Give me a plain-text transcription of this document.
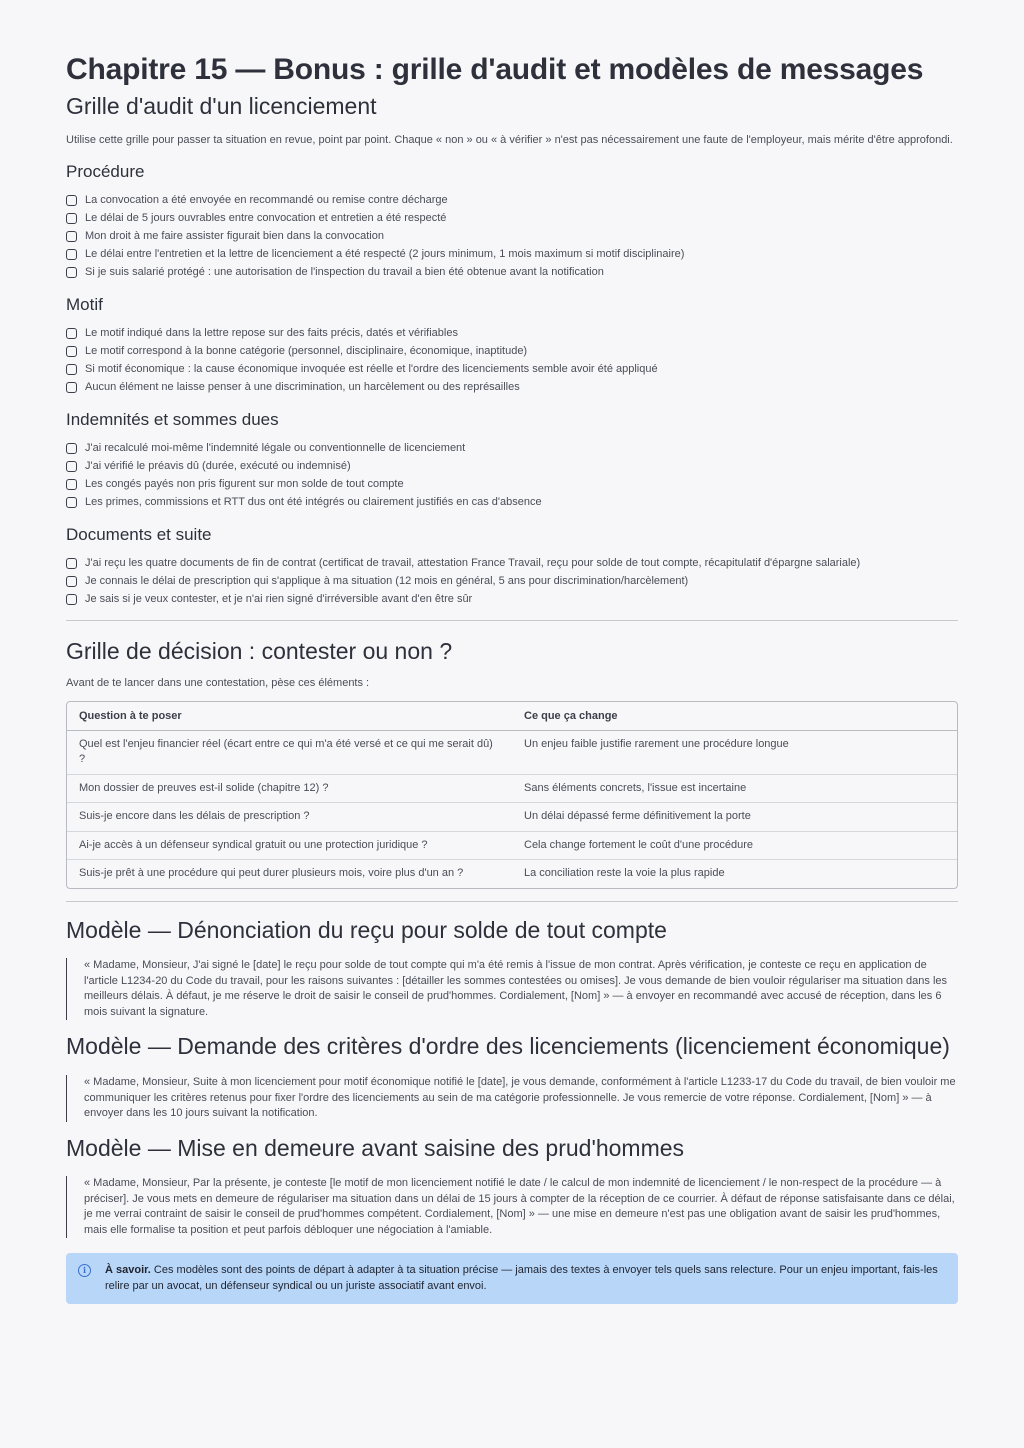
Chapitre 15 — Bonus : grille d'audit et modèles de messages
Grille d'audit d'un licenciement

Utilise cette grille pour passer ta situation en revue, point par point. Chaque « non » ou « à vérifier » n'est pas nécessairement une faute de l'employeur, mais mérite d'être approfondi.

Procédure
La convocation a été envoyée en recommandé ou remise contre décharge
Le délai de 5 jours ouvrables entre convocation et entretien a été respecté
Mon droit à me faire assister figurait bien dans la convocation
Le délai entre l'entretien et la lettre de licenciement a été respecté (2 jours minimum, 1 mois maximum si motif disciplinaire)
Si je suis salarié protégé : une autorisation de l'inspection du travail a bien été obtenue avant la notification
Motif
Le motif indiqué dans la lettre repose sur des faits précis, datés et vérifiables
Le motif correspond à la bonne catégorie (personnel, disciplinaire, économique, inaptitude)
Si motif économique : la cause économique invoquée est réelle et l'ordre des licenciements semble avoir été appliqué
Aucun élément ne laisse penser à une discrimination, un harcèlement ou des représailles
Indemnités et sommes dues
J'ai recalculé moi-même l'indemnité légale ou conventionnelle de licenciement
J'ai vérifié le préavis dû (durée, exécuté ou indemnisé)
Les congés payés non pris figurent sur mon solde de tout compte
Les primes, commissions et RTT dus ont été intégrés ou clairement justifiés en cas d'absence
Documents et suite
J'ai reçu les quatre documents de fin de contrat (certificat de travail, attestation France Travail, reçu pour solde de tout compte, récapitulatif d'épargne salariale)
Je connais le délai de prescription qui s'applique à ma situation (12 mois en général, 5 ans pour discrimination/harcèlement)
Je sais si je veux contester, et je n'ai rien signé d'irréversible avant d'en être sûr
Grille de décision : contester ou non ?

Avant de te lancer dans une contestation, pèse ces éléments :

Question à te poser	Ce que ça change
Quel est l'enjeu financier réel (écart entre ce qui m'a été versé et ce qui me serait dû) ?	Un enjeu faible justifie rarement une procédure longue
Mon dossier de preuves est-il solide (chapitre 12) ?	Sans éléments concrets, l'issue est incertaine
Suis-je encore dans les délais de prescription ?	Un délai dépassé ferme définitivement la porte
Ai-je accès à un défenseur syndical gratuit ou une protection juridique ?	Cela change fortement le coût d'une procédure
Suis-je prêt à une procédure qui peut durer plusieurs mois, voire plus d'un an ?	La conciliation reste la voie la plus rapide
Modèle — Dénonciation du reçu pour solde de tout compte
« Madame, Monsieur, J'ai signé le [date] le reçu pour solde de tout compte qui m'a été remis à l'issue de mon contrat. Après vérification, je conteste ce reçu en application de l'article L1234-20 du Code du travail, pour les raisons suivantes : [détailler les sommes contestées ou omises]. Je vous demande de bien vouloir régulariser ma situation dans les meilleurs délais. À défaut, je me réserve le droit de saisir le conseil de prud'hommes. Cordialement, [Nom] » — à envoyer en recommandé avec accusé de réception, dans les 6 mois suivant la signature.
Modèle — Demande des critères d'ordre des licenciements (licenciement économique)
« Madame, Monsieur, Suite à mon licenciement pour motif économique notifié le [date], je vous demande, conformément à l'article L1233-17 du Code du travail, de bien vouloir me communiquer les critères retenus pour fixer l'ordre des licenciements au sein de ma catégorie professionnelle. Je vous remercie de votre réponse. Cordialement, [Nom] » — à envoyer dans les 10 jours suivant la notification.
Modèle — Mise en demeure avant saisine des prud'hommes
« Madame, Monsieur, Par la présente, je conteste [le motif de mon licenciement notifié le date / le calcul de mon indemnité de licenciement / le non-respect de la procédure — à préciser]. Je vous mets en demeure de régulariser ma situation dans un délai de 15 jours à compter de la réception de ce courrier. À défaut de réponse satisfaisante dans ce délai, je me verrai contraint de saisir le conseil de prud'hommes compétent. Cordialement, [Nom] » — une mise en demeure n'est pas une obligation avant de saisir les prud'hommes, mais elle formalise ta position et peut parfois débloquer une négociation à l'amiable.
i	À savoir. Ces modèles sont des points de départ à adapter à ta situation précise — jamais des textes à envoyer tels quels sans relecture. Pour un enjeu important, fais-les relire par un avocat, un défenseur syndical ou un juriste associatif avant envoi.
